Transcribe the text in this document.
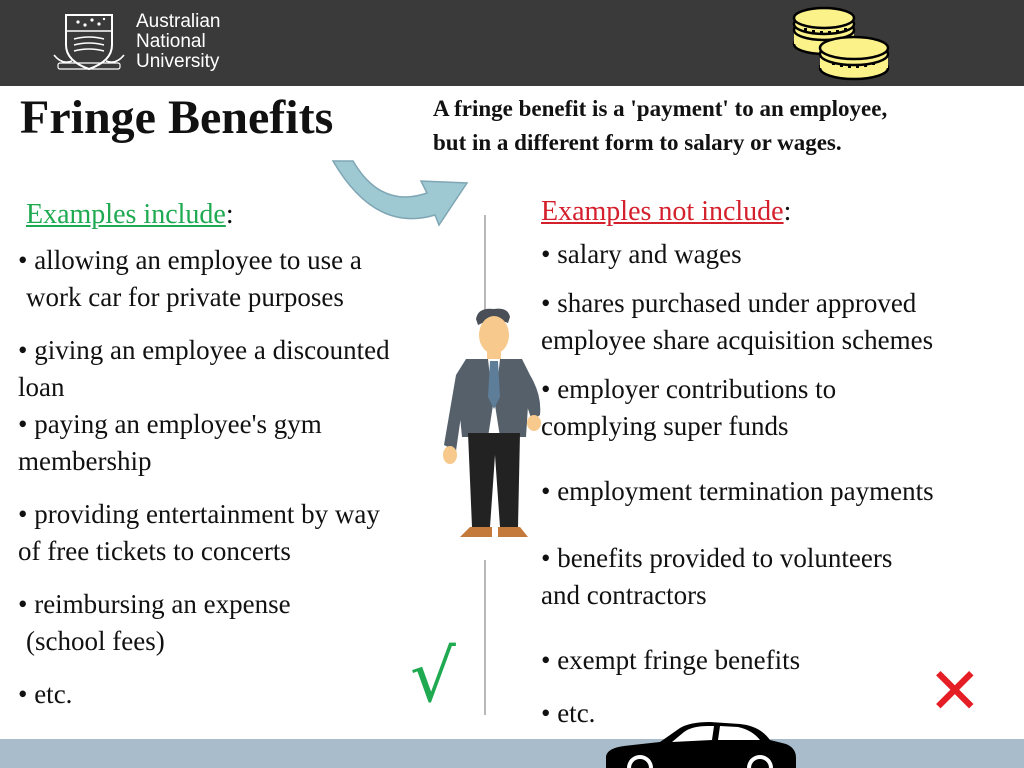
Australian
National
University
Fringe Benefits	A fringe benefit is a 'payment' to an employee,
but in a different form to salary or wages.
Examples include:
• allowing an employee to use a
work car for private purposes
• giving an employee a discounted
loan
• paying an employee's gym
membership
• providing entertainment by way
of free tickets to concerts
• reimbursing an expense
(school fees)
• etc.	√
Examples not include:
• salary and wages
• shares purchased under approved
employee share acquisition schemes
• employer contributions to
complying super funds
• employment termination payments
• benefits provided to volunteers
and contractors
• exempt fringe benefits
• etc.	✕
